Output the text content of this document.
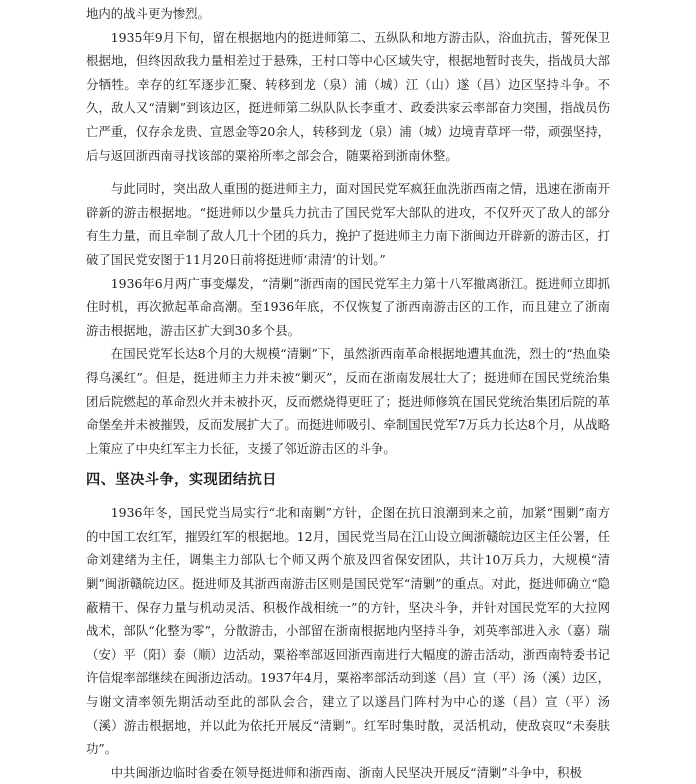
地内的战斗更为惨烈。

1935年9月下旬，留在根据地内的挺进师第二、五纵队和地方游击队，浴血抗击，誓死保卫根据地，但终因敌我力量相差过于悬殊，王村口等中心区域失守，根据地暂时丧失，指战员大部分牺牲。幸存的红军逐步汇聚、转移到龙（泉）浦（城）江（山）遂（昌）边区坚持斗争。不久，敌人又“清剿”到该边区，挺进师第二纵队队长李重才、政委洪家云率部奋力突围，指战员伤亡严重，仅存余龙贵、宣恩金等20余人，转移到龙（泉）浦（城）边境青草坪一带，顽强坚持，后与返回浙西南寻找该部的粟裕所率之部会合，随粟裕到浙南休整。

与此同时，突出敌人重围的挺进师主力，面对国民党军疯狂血洗浙西南之情，迅速在浙南开辟新的游击根据地。“挺进师以少量兵力抗击了国民党军大部队的进攻，不仅歼灭了敌人的部分有生力量，而且牵制了敌人几十个团的兵力，挽护了挺进师主力南下浙闽边开辟新的游击区，打破了国民党安图于11月20日前将挺进师‘肃清’的计划。”

1936年6月两广事变爆发，“清剿”浙西南的国民党军主力第十八军撤离浙江。挺进师立即抓住时机，再次掀起革命高潮。至1936年底，不仅恢复了浙西南游击区的工作，而且建立了浙南游击根据地，游击区扩大到30多个县。

在国民党军长达8个月的大规模“清剿”下，虽然浙西南革命根据地遭其血洗，烈士的“热血染得乌溪红”。但是，挺进师主力并未被“剿灭”，反而在浙南发展壮大了；挺进师在国民党统治集团后院燃起的革命烈火并未被扑灭，反而燃烧得更旺了；挺进师修筑在国民党统治集团后院的革命堡垒并未被摧毁，反而发展扩大了。而挺进师吸引、牵制国民党军7万兵力长达8个月，从战略上策应了中央红军主力长征，支援了邻近游击区的斗争。

四、坚决斗争，实现团结抗日

1936年冬，国民党当局实行“北和南剿”方针，企图在抗日浪潮到来之前，加紧“围剿”南方的中国工农红军，摧毁红军的根据地。12月，国民党当局在江山设立闽浙赣皖边区主任公署，任命刘建绪为主任，调集主力部队七个师又两个旅及四省保安团队，共计10万兵力，大规模“清剿”闽浙赣皖边区。挺进师及其浙西南游击区则是国民党军“清剿”的重点。对此，挺进师确立“隐蔽精干、保存力量与机动灵活、积极作战相统一”的方针，坚决斗争，并针对国民党军的大拉网战术，部队“化整为零”，分散游击，小部留在浙南根据地内坚持斗争，刘英率部进入永（嘉）瑞（安）平（阳）泰（顺）边活动，粟裕率部返回浙西南进行大幅度的游击活动，浙西南特委书记许信焜率部继续在闽浙边活动。1937年4月，粟裕率部活动到遂（昌）宣（平）汤（溪）边区，与谢文清率领先期活动至此的部队会合，建立了以遂昌门阵村为中心的遂（昌）宣（平）汤（溪）游击根据地，并以此为依托开展反“清剿”。红军时集时散，灵活机动，使敌哀叹“未奏肤功”。

中共闽浙边临时省委在领导挺进师和浙西南、浙南人民坚决开展反“清剿”斗争中，积极
